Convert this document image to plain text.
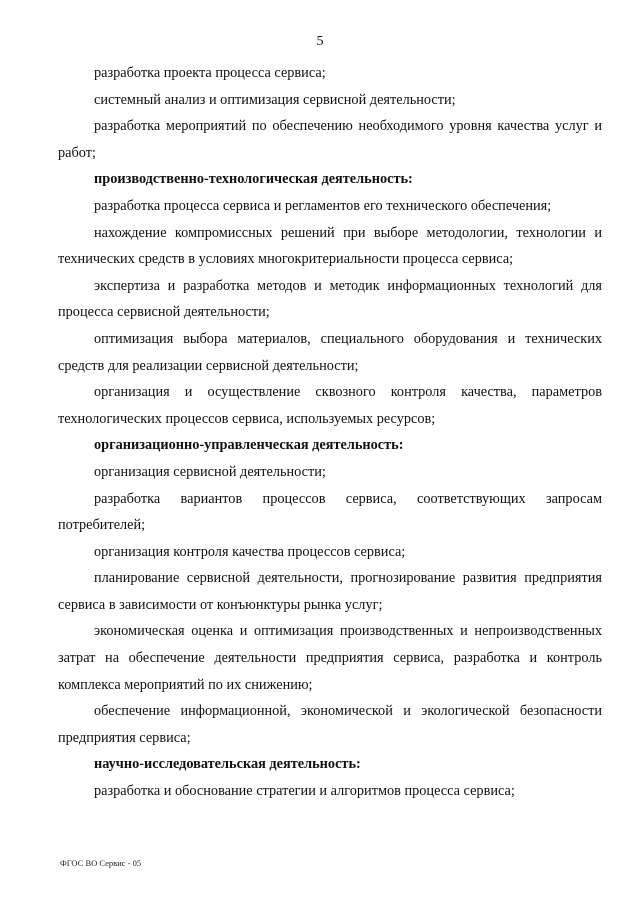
5

разработка проекта процесса сервиса;

системный анализ и оптимизация сервисной деятельности;

разработка мероприятий по обеспечению необходимого уровня качества услуг и работ;

производственно-технологическая деятельность:

разработка процесса сервиса и регламентов его технического обеспечения;

нахождение компромиссных решений при выборе методологии, технологии и технических средств в условиях многокритериальности процесса сервиса;

экспертиза и разработка методов и методик информационных технологий для процесса сервисной деятельности;

оптимизация выбора материалов, специального оборудования и технических средств для реализации сервисной деятельности;

организация и осуществление сквозного контроля качества, параметров технологических процессов сервиса, используемых ресурсов;

организационно-управленческая деятельность:

организация сервисной деятельности;

разработка вариантов процессов сервиса, соответствующих запросам потребителей;

организация контроля качества процессов сервиса;

планирование сервисной деятельности, прогнозирование развития предприятия сервиса в зависимости от конъюнктуры рынка услуг;

экономическая оценка и оптимизация производственных и непроизводственных затрат на обеспечение деятельности предприятия сервиса, разработка и контроль комплекса мероприятий по их снижению;

обеспечение информационной, экономической и экологической безопасности предприятия сервиса;

научно-исследовательская деятельность:

разработка и обоснование стратегии и алгоритмов процесса сервиса;

ФГОС ВО Сервис - 05
